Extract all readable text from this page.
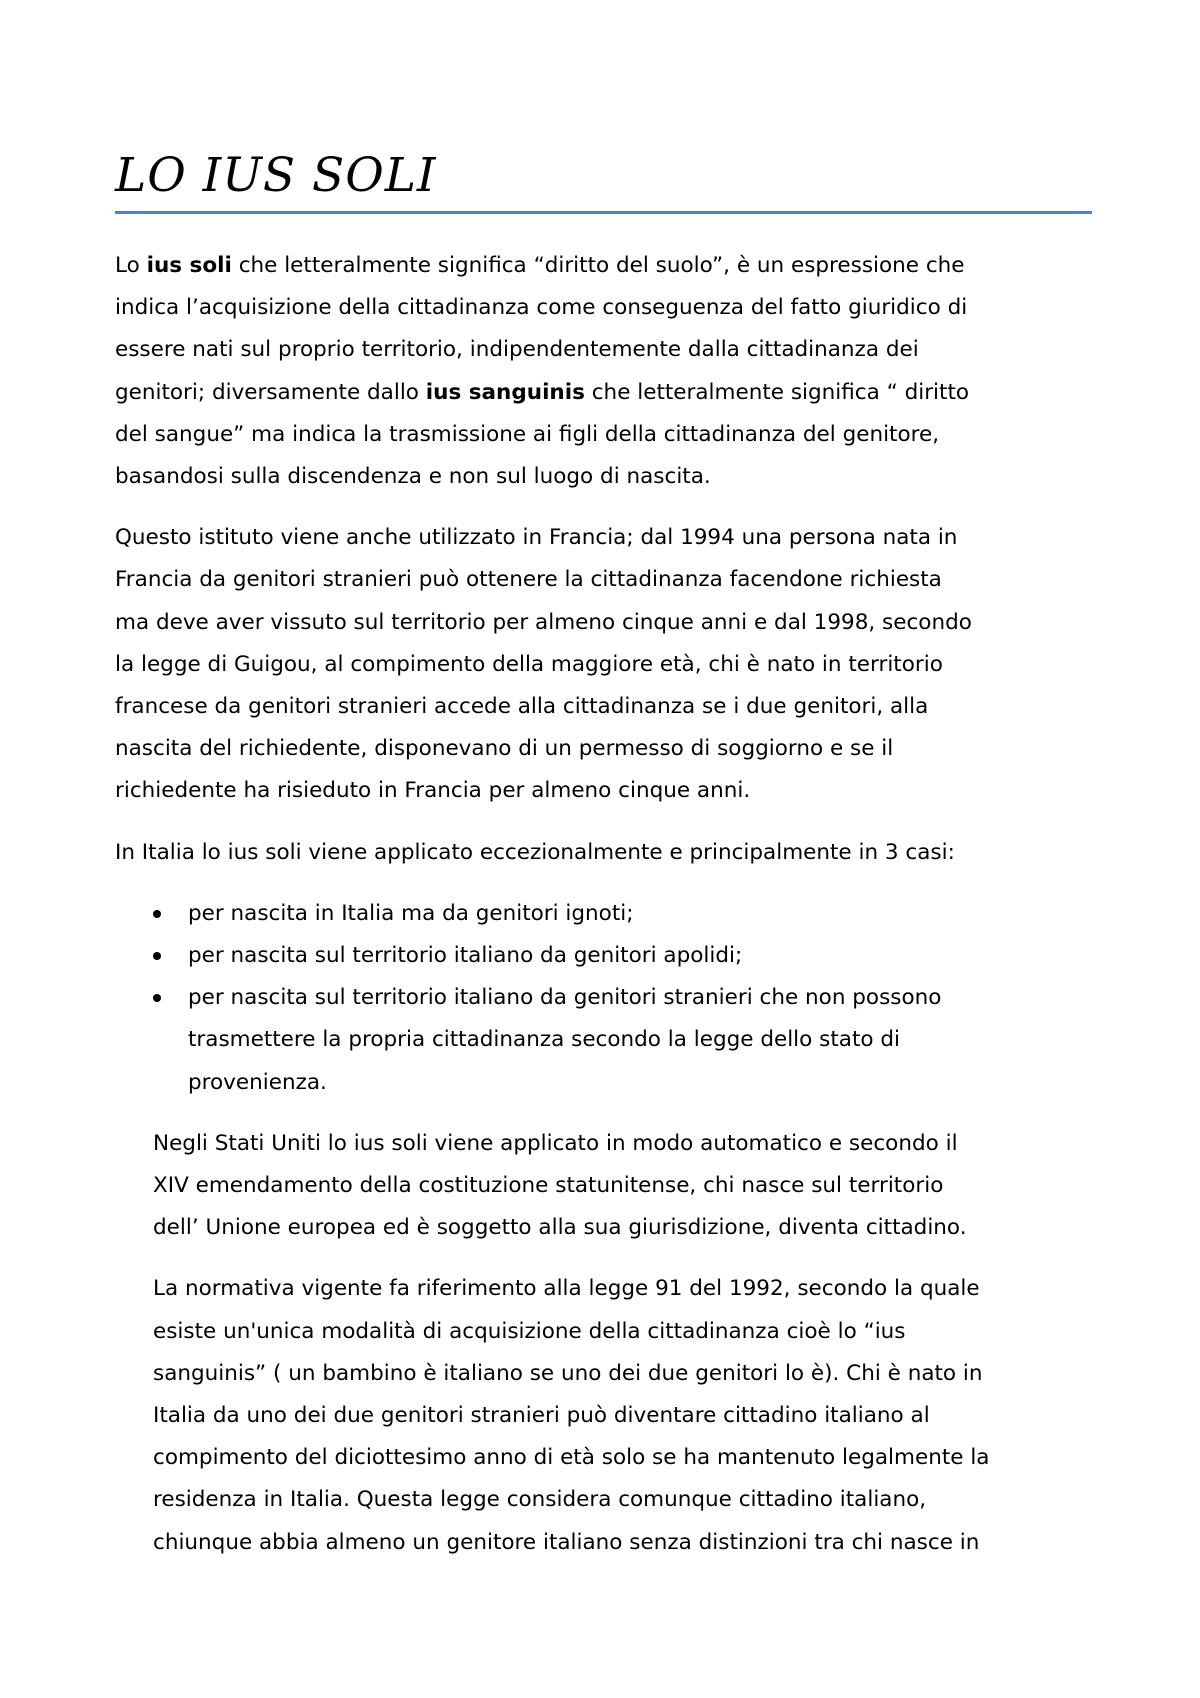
LO IUS SOLI

Lo ius soli che letteralmente significa “diritto del suolo”, è un espressione che
indica l’acquisizione della cittadinanza come conseguenza del fatto giuridico di
essere nati sul proprio territorio, indipendentemente dalla cittadinanza dei
genitori; diversamente dallo ius sanguinis che letteralmente significa “ diritto
del sangue” ma indica la trasmissione ai figli della cittadinanza del genitore,
basandosi sulla discendenza e non sul luogo di nascita.

Questo istituto viene anche utilizzato in Francia; dal 1994 una persona nata in
Francia da genitori stranieri può ottenere la cittadinanza facendone richiesta
ma deve aver vissuto sul territorio per almeno cinque anni e dal 1998, secondo
la legge di Guigou, al compimento della maggiore età, chi è nato in territorio
francese da genitori stranieri accede alla cittadinanza se i due genitori, alla
nascita del richiedente, disponevano di un permesso di soggiorno e se il
richiedente ha risieduto in Francia per almeno cinque anni.

In Italia lo ius soli viene applicato eccezionalmente e principalmente in 3 casi:

per nascita in Italia ma da genitori ignoti;
per nascita sul territorio italiano da genitori apolidi;
per nascita sul territorio italiano da genitori stranieri che non possono
trasmettere la propria cittadinanza secondo la legge dello stato di
provenienza.

Negli Stati Uniti lo ius soli viene applicato in modo automatico e secondo il
XIV emendamento della costituzione statunitense, chi nasce sul territorio
dell’ Unione europea ed è soggetto alla sua giurisdizione, diventa cittadino.

La normativa vigente fa riferimento alla legge 91 del 1992, secondo la quale
esiste un'unica modalità di acquisizione della cittadinanza cioè lo “ius
sanguinis” ( un bambino è italiano se uno dei due genitori lo è). Chi è nato in
Italia da uno dei due genitori stranieri può diventare cittadino italiano al
compimento del diciottesimo anno di età solo se ha mantenuto legalmente la
residenza in Italia. Questa legge considera comunque cittadino italiano,
chiunque abbia almeno un genitore italiano senza distinzioni tra chi nasce in
